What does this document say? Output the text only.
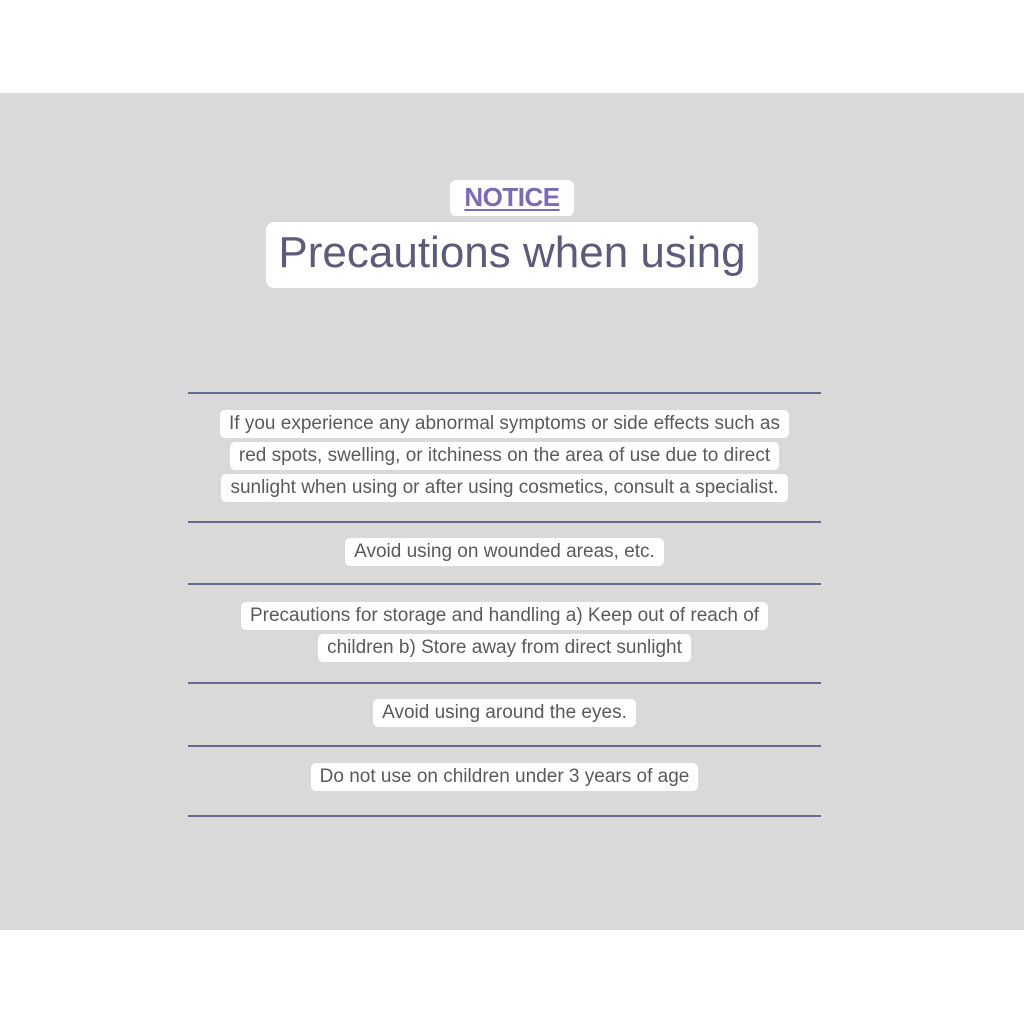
NOTICE
Precautions when using
If you experience any abnormal symptoms or side effects such as red spots, swelling, or itchiness on the area of use due to direct sunlight when using or after using cosmetics, consult a specialist.
Avoid using on wounded areas, etc.
Precautions for storage and handling a) Keep out of reach of children b) Store away from direct sunlight
Avoid using around the eyes.
Do not use on children under 3 years of age
